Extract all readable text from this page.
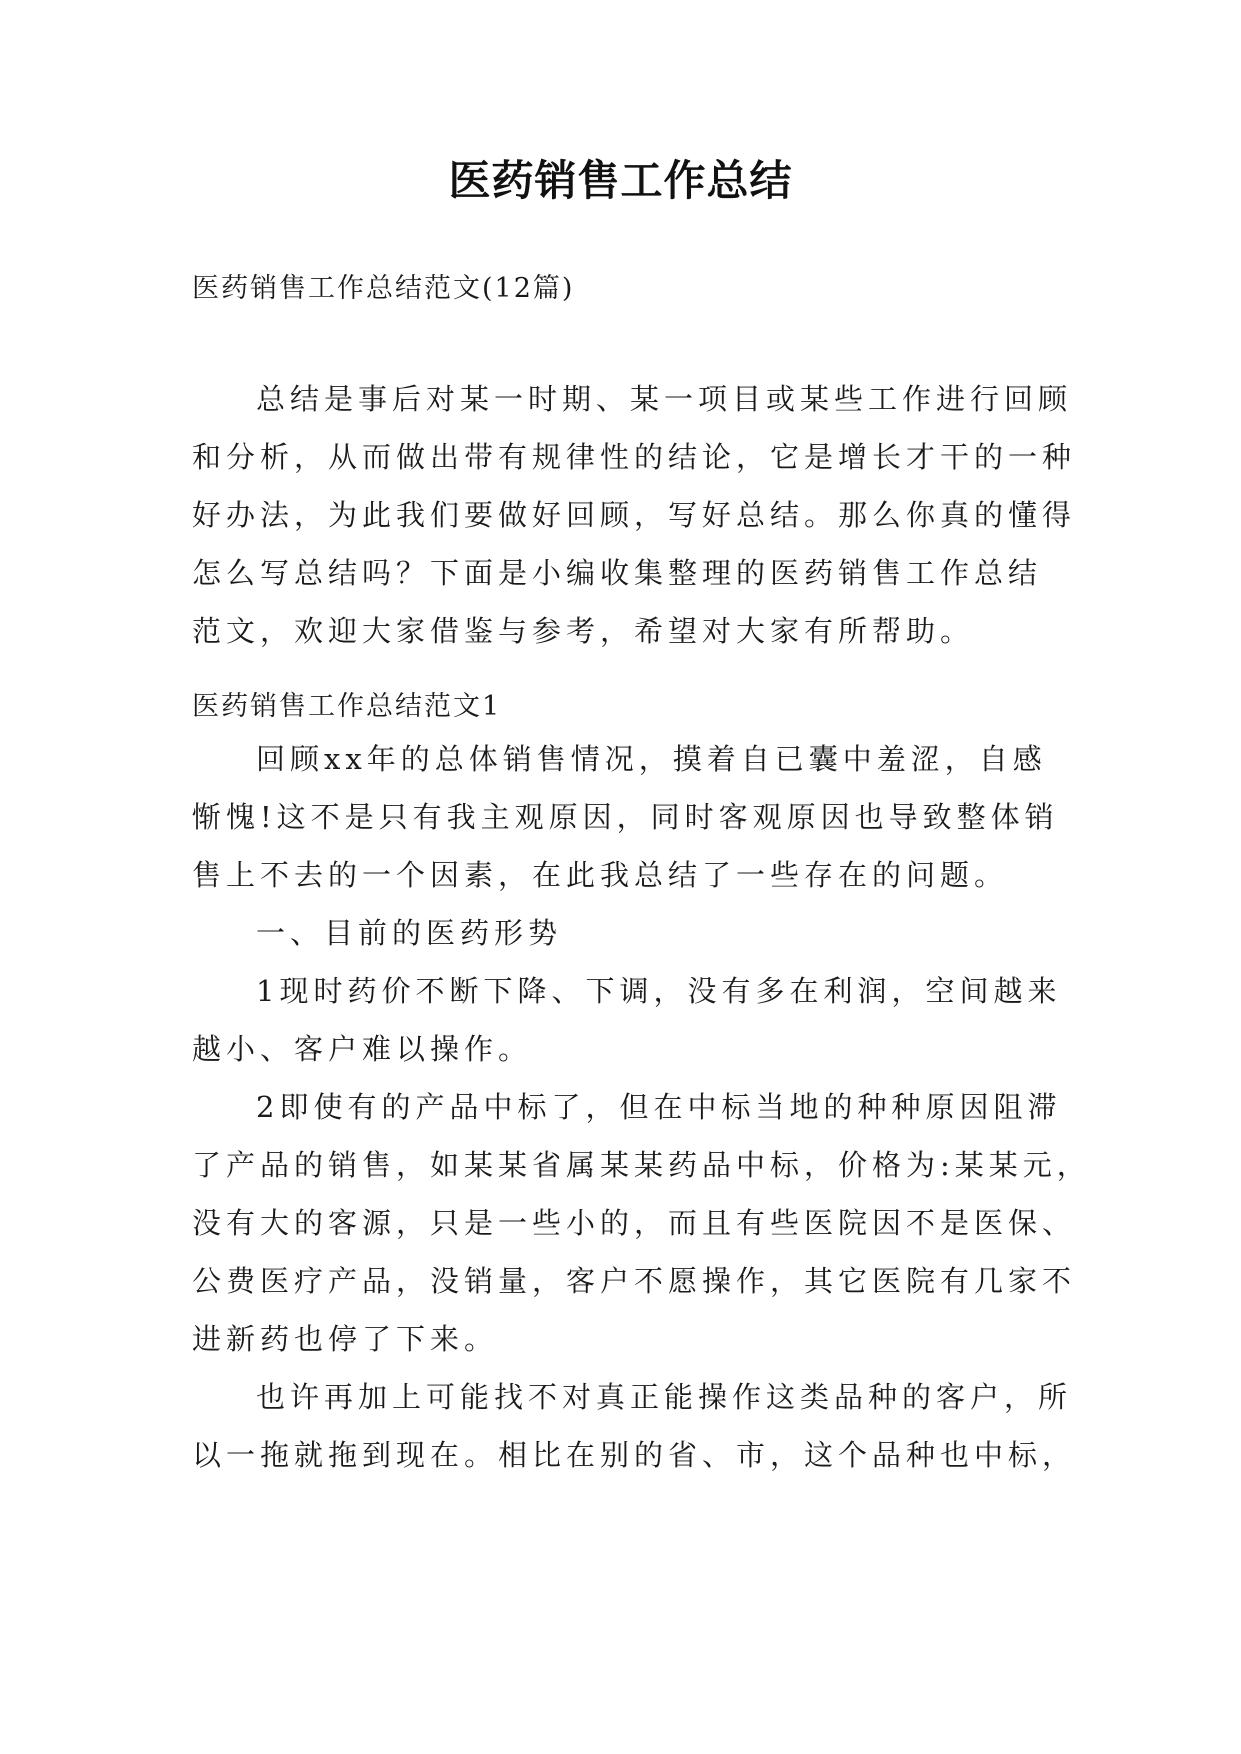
医药销售工作总结
医药销售工作总结范文(12篇)
总结是事后对某一时期、某一项目或某些工作进行回顾
和分析，从而做出带有规律性的结论，它是增长才干的一种
好办法，为此我们要做好回顾，写好总结。那么你真的懂得
怎么写总结吗？下面是小编收集整理的医药销售工作总结
范文，欢迎大家借鉴与参考，希望对大家有所帮助。
医药销售工作总结范文1
回顾xx年的总体销售情况，摸着自已囊中羞涩，自感
惭愧!这不是只有我主观原因，同时客观原因也导致整体销
售上不去的一个因素，在此我总结了一些存在的问题。
一、目前的医药形势
1现时药价不断下降、下调，没有多在利润，空间越来
越小、客户难以操作。
2即使有的产品中标了，但在中标当地的种种原因阻滞
了产品的销售，如某某省属某某药品中标，价格为:某某元，
没有大的客源，只是一些小的，而且有些医院因不是医保、
公费医疗产品，没销量，客户不愿操作，其它医院有几家不
进新药也停了下来。
也许再加上可能找不对真正能操作这类品种的客户，所
以一拖就拖到现在。相比在别的省、市，这个品种也中标，
